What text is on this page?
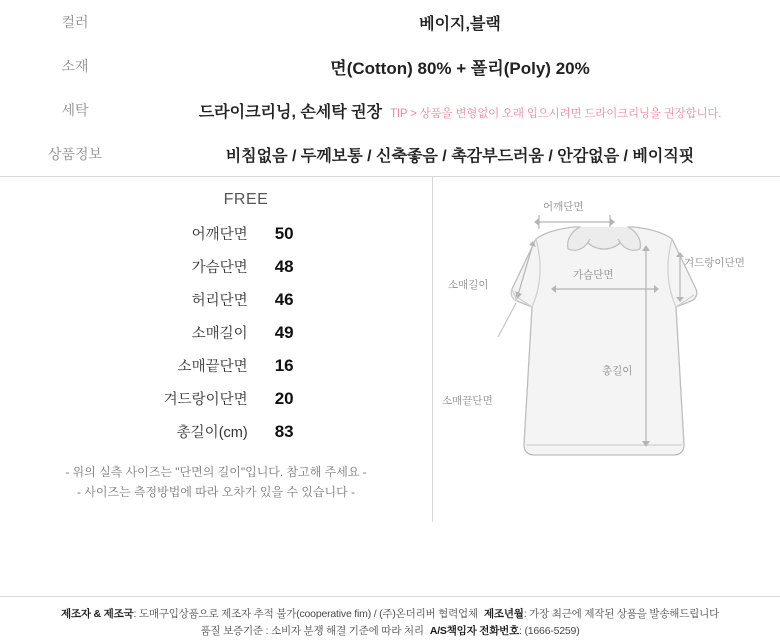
컬러	베이지,블랙
소재	면(Cotton) 80% + 폴리(Poly) 20%
세탁	드라이크리닝, 손세탁 권장 TIP > 상품을 변형없이 오래 입으시려면 드라이크리닝을 권장합니다.
상품정보	비침없음 / 두께보통 / 신축좋음 / 촉감부드러움 / 안감없음 / 베이직핏
FREE
어깨단면	50
가슴단면	48
허리단면	46
소매길이	49
소매끝단면	16
겨드랑이단면	20
총길이(cm)	83
- 위의 실측 사이즈는 "단면의 길이"입니다. 참고해 주세요 -
- 사이즈는 측정방법에 따라 오차가 있을 수 있습니다 -
어깨단면
가슴단면
겨드랑이단면
소매길이
소매끝단면
총길이
제조자 & 제조국: 도매구입상품으로 제조자 추적 불가(cooperative fim) / (주)온더리버 협력업체 제조년월: 가장 최근에 제작된 상품을 발송해드립니다
품질 보증기준 : 소비자 분쟁 해결 기준에 따라 처리 A/S책임자 전화번호: (1666-5259)
